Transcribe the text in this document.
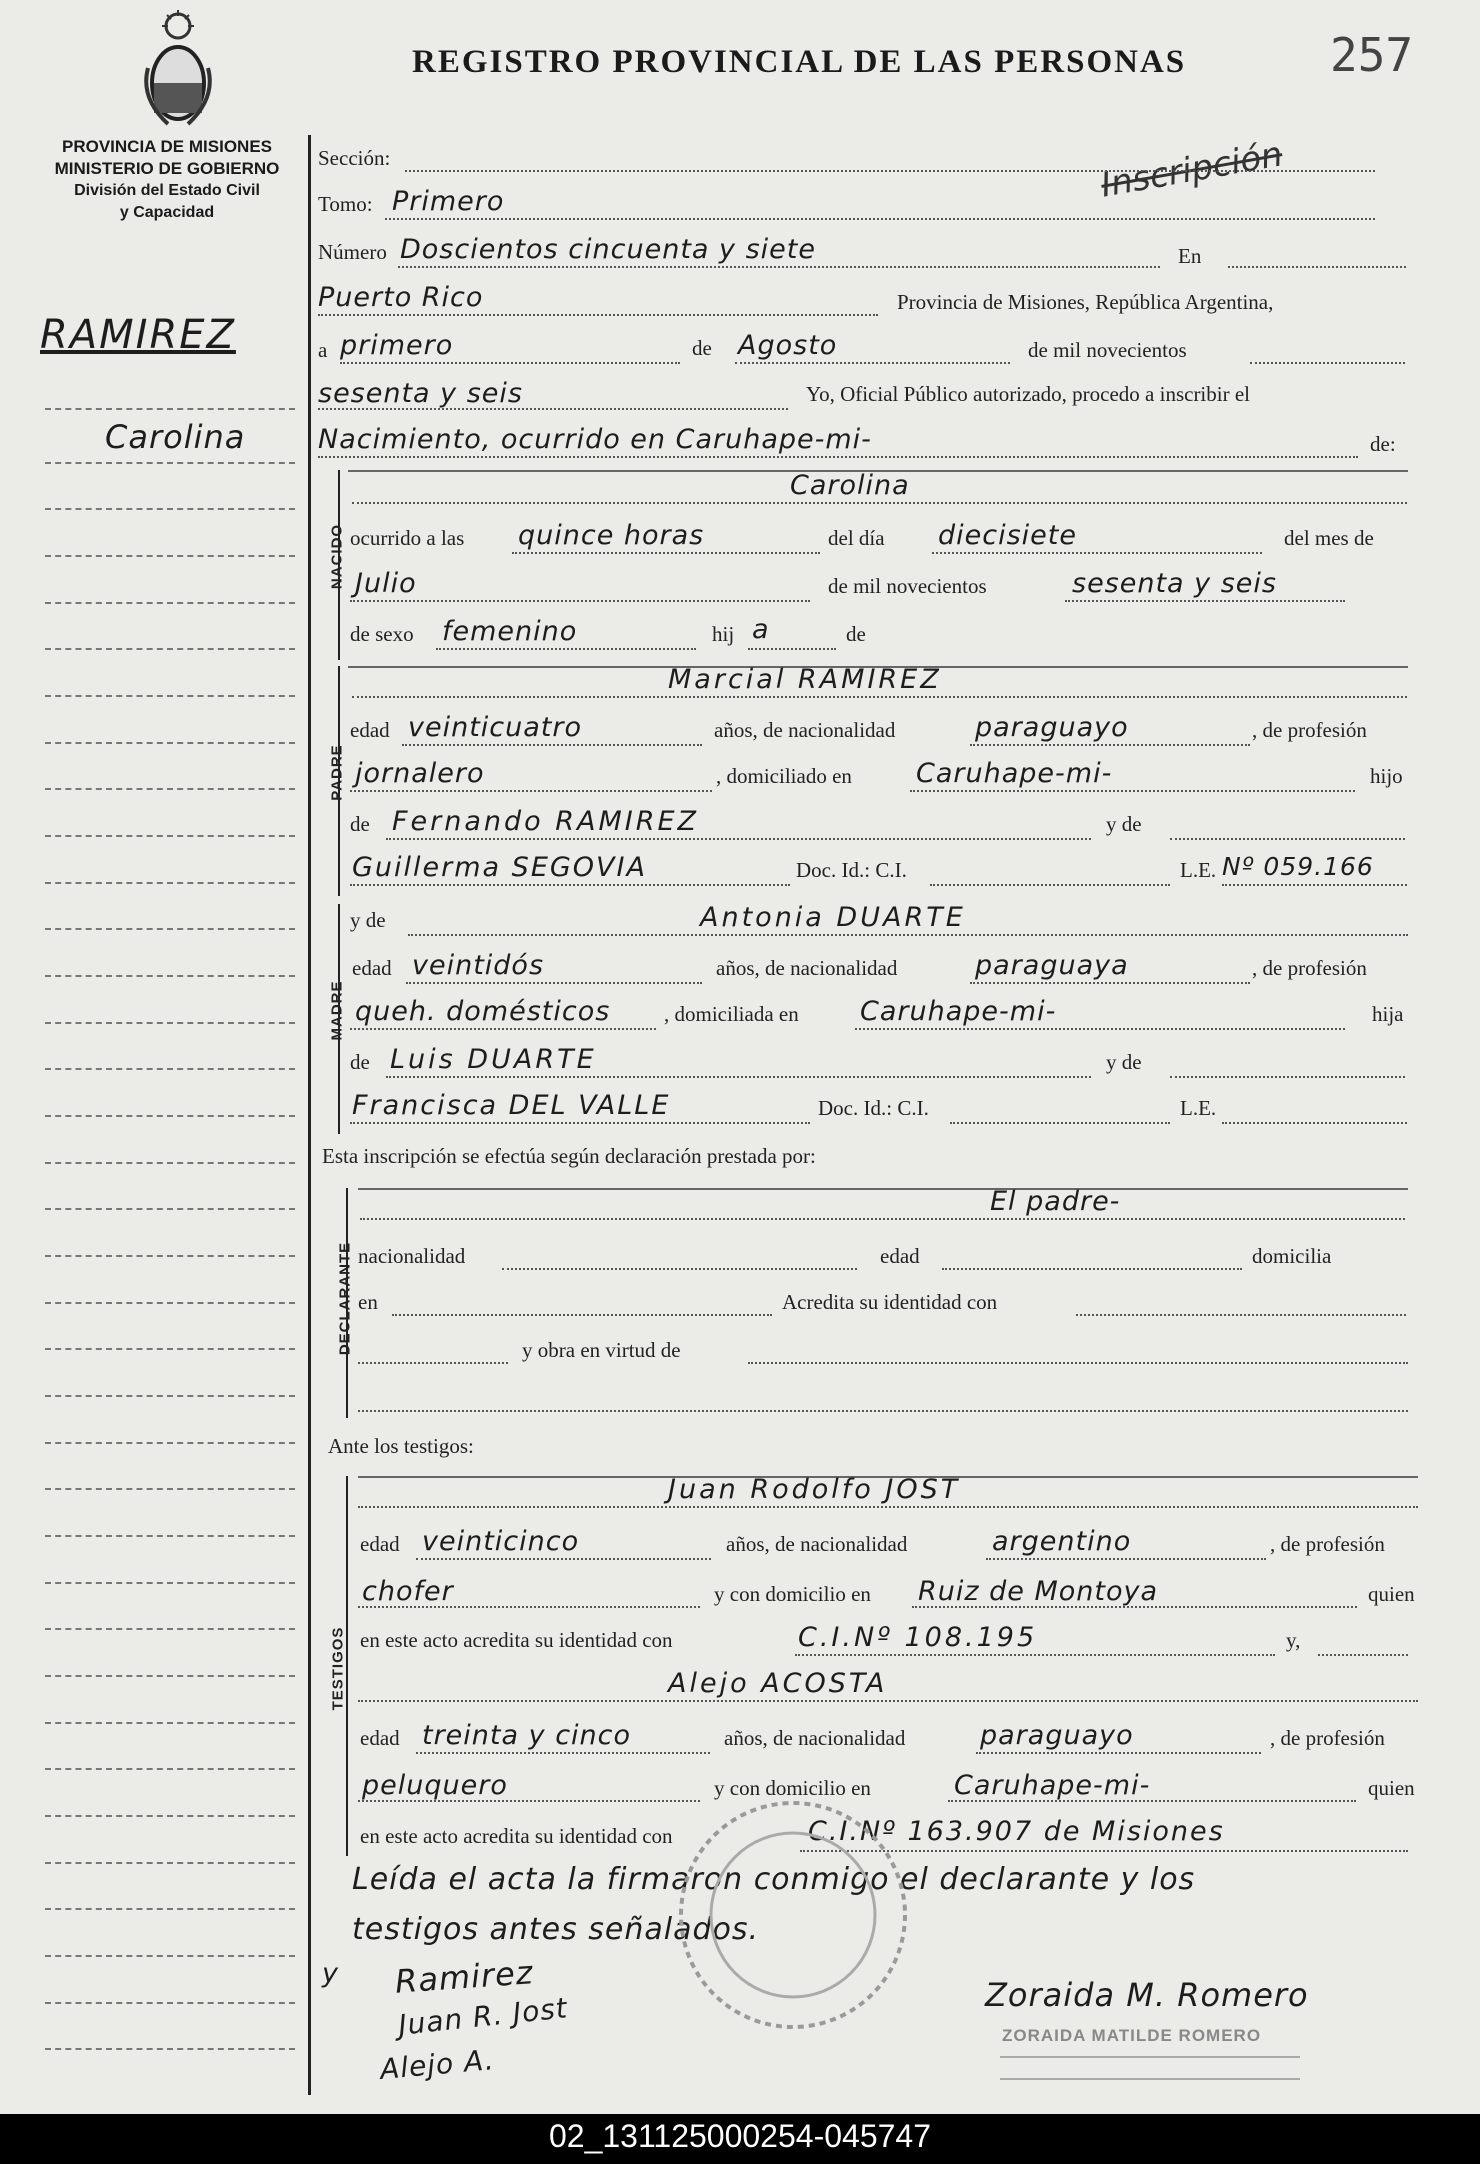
PROVINCIA DE MISIONES
MINISTERIO DE GOBIERNO
División del Estado Civil
y Capacidad
REGISTRO PROVINCIAL DE LAS PERSONAS	257
Inscripción
RAMIREZ
Carolina
Sección:
Tomo: Primero
Número Doscientos cincuenta y siete	En
Puerto Rico	Provincia de Misiones, República Argentina,
a primero	de Agosto	de mil novecientos
sesenta y seis	Yo, Oficial Público autorizado, procedo a inscribir el
Nacimiento, ocurrido en Caruhape-mi-	de:
NACIDO
Carolina
ocurrido a las quince horas	del día diecisiete	del mes de
Julio	de mil novecientos	sesenta y seis
de sexo femenino	hij a	de
PADRE
Marcial RAMIREZ
edad veinticuatro	años, de nacionalidad	paraguayo	, de profesión
jornalero	, domiciliado en Caruhape-mi-	hijo
de Fernando RAMIREZ	y de
Guillerma SEGOVIA	Doc. Id.: C.I.	L.E. Nº 059.166
MADRE
y de	Antonia DUARTE
edad veintidós	años, de nacionalidad	paraguaya	, de profesión
queh. domésticos	, domiciliada en Caruhape-mi-	hija
de Luis DUARTE	y de
Francisca DEL VALLE	Doc. Id.: C.I.	L.E.
Esta inscripción se efectúa según declaración prestada por:
DECLARANTE
El padre-
nacionalidad	edad	domicilia
en	Acredita su identidad con
y obra en virtud de
Ante los testigos:
TESTIGOS
Juan Rodolfo JOST
edad veinticinco	años, de nacionalidad	argentino	, de profesión
chofer	y con domicilio en Ruiz de Montoya	quien
en este acto acredita su identidad con	C.I.Nº 108.195	y,
Alejo ACOSTA
edad treinta y cinco	años, de nacionalidad	paraguayo	, de profesión
peluquero	y con domicilio en	Caruhape-mi-	quien
en este acto acredita su identidad con	C.I.Nº 163.907 de Misiones
Leída el acta la firmaron conmigo el declarante y los
testigos antes señalados.
y Ramirez
Juan R. Jost
Alejo A.
Zoraida M. Romero
ZORAIDA MATILDE ROMERO
02_131125000254-045747
